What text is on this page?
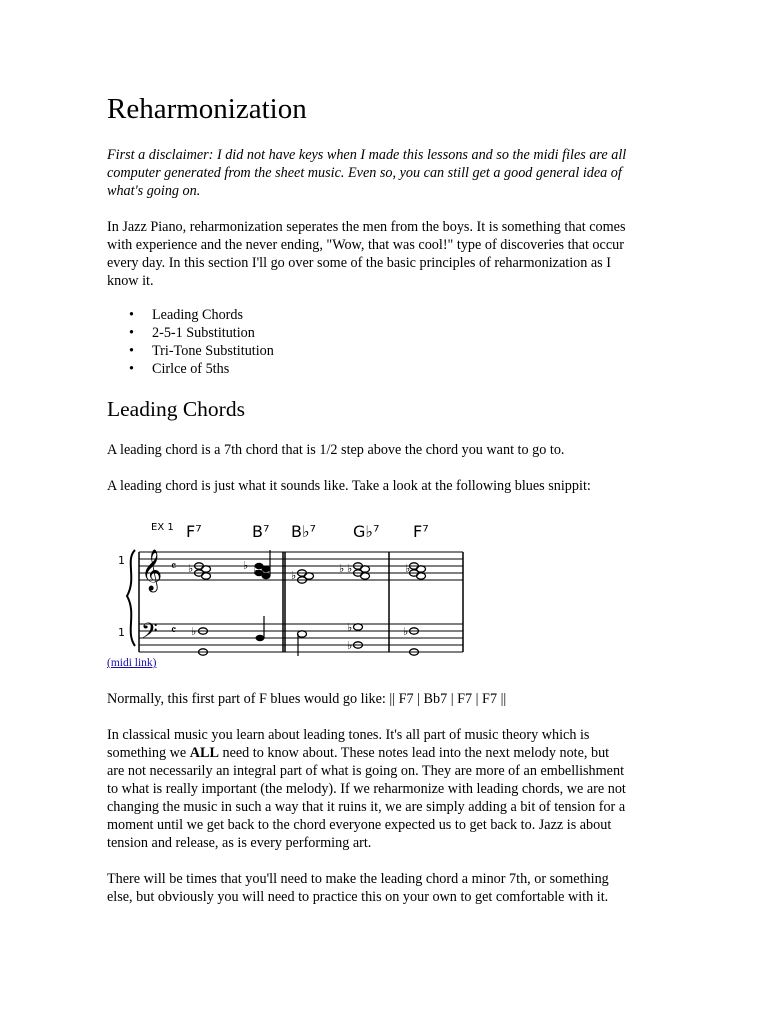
Reharmonization

First a disclaimer: I did not have keys when I made this lessons and so the midi files are all
computer generated from the sheet music. Even so, you can still get a good general idea of
what's going on.

In Jazz Piano, reharmonization seperates the men from the boys. It is something that comes
with experience and the never ending, "Wow, that was cool!" type of discoveries that occur
every day. In this section I'll go over some of the basic principles of reharmonization as I
know it.

• Leading Chords
• 2-5-1 Substitution
• Tri-Tone Substitution
• Cirlce of 5ths
Leading Chords

A leading chord is a 7th chord that is 1/2 step above the chord you want to go to.

A leading chord is just what it sounds like. Take a look at the following blues snippit:

EX 1 F⁷	B⁷ B♭⁷ G♭⁷ F⁷
1
1
𝄞
𝄢
𝄴
𝄴
♭	♭ ♭	♭
♭ ♭	♭
♭	♭
♭
♭
(midi link)

Normally, this first part of F blues would go like: || F7 | Bb7 | F7 | F7 ||

In classical music you learn about leading tones. It's all part of music theory which is
something we ALL need to know about. These notes lead into the next melody note, but
are not necessarily an integral part of what is going on. They are more of an embellishment
to what is really important (the melody). If we reharmonize with leading chords, we are not
changing the music in such a way that it ruins it, we are simply adding a bit of tension for a
moment until we get back to the chord everyone expected us to get back to. Jazz is about
tension and release, as is every performing art.

There will be times that you'll need to make the leading chord a minor 7th, or something
else, but obviously you will need to practice this on your own to get comfortable with it.
